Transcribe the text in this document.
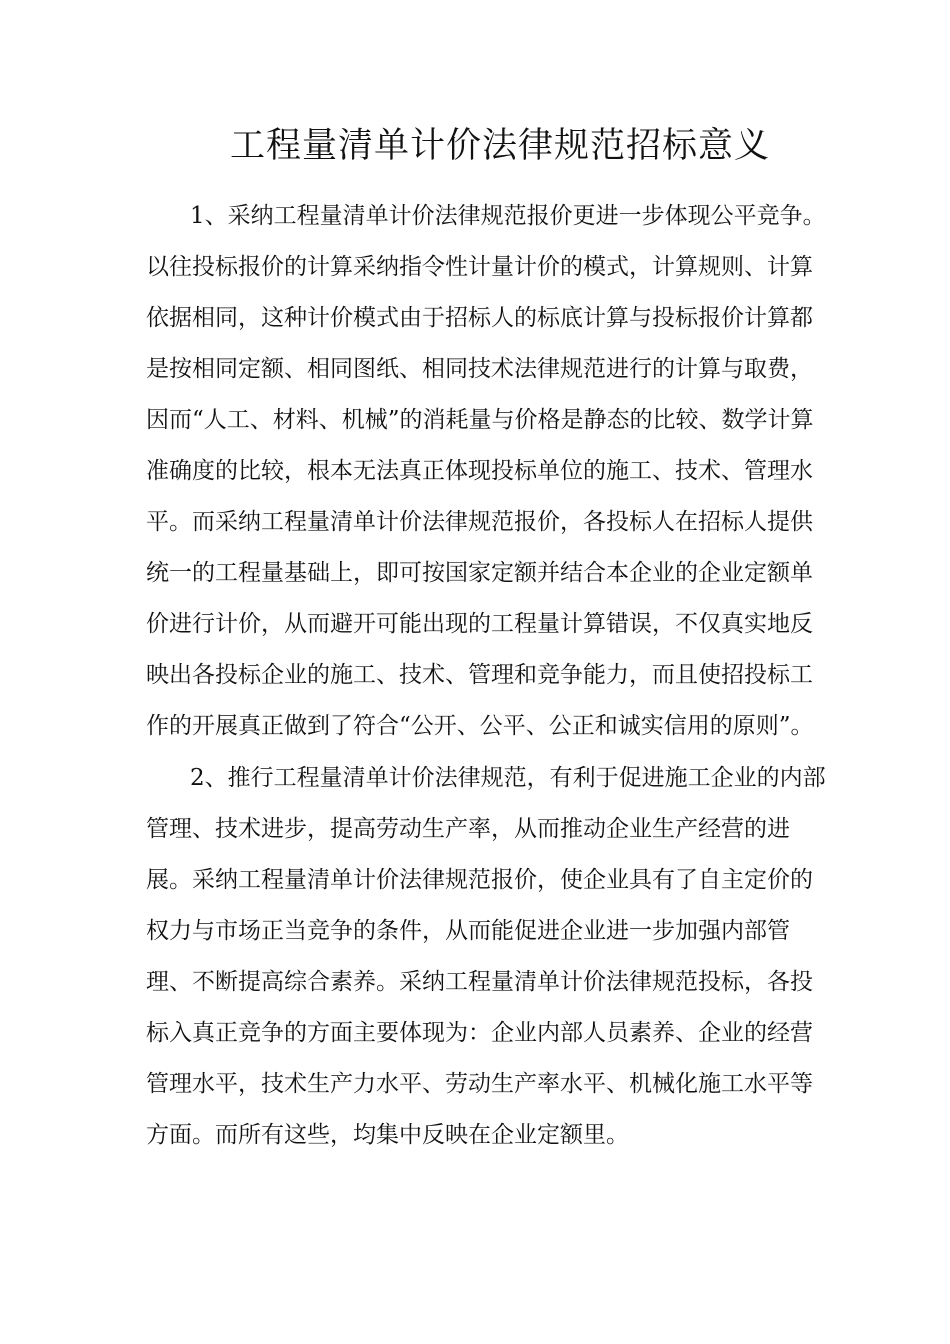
工程量清单计价法律规范招标意义

1、采纳工程量清单计价法律规范报价更进一步体现公平竞争。
以往投标报价的计算采纳指令性计量计价的模式，计算规则、计算
依据相同，这种计价模式由于招标人的标底计算与投标报价计算都
是按相同定额、相同图纸、相同技术法律规范进行的计算与取费，
因而“人工、材料、机械”的消耗量与价格是静态的比较、数学计算
准确度的比较，根本无法真正体现投标单位的施工、技术、管理水
平。而采纳工程量清单计价法律规范报价，各投标人在招标人提供
统一的工程量基础上，即可按国家定额并结合本企业的企业定额单
价进行计价，从而避开可能出现的工程量计算错误，不仅真实地反
映出各投标企业的施工、技术、管理和竞争能力，而且使招投标工
作的开展真正做到了符合“公开、公平、公正和诚实信用的原则”。

2、推行工程量清单计价法律规范，有利于促进施工企业的内部
管理、技术进步，提高劳动生产率，从而推动企业生产经营的进
展。采纳工程量清单计价法律规范报价，使企业具有了自主定价的
权力与市场正当竞争的条件，从而能促进企业进一步加强内部管
理、不断提高综合素养。采纳工程量清单计价法律规范投标，各投
标入真正竞争的方面主要体现为：企业内部人员素养、企业的经营
管理水平，技术生产力水平、劳动生产率水平、机械化施工水平等
方面。而所有这些，均集中反映在企业定额里。
